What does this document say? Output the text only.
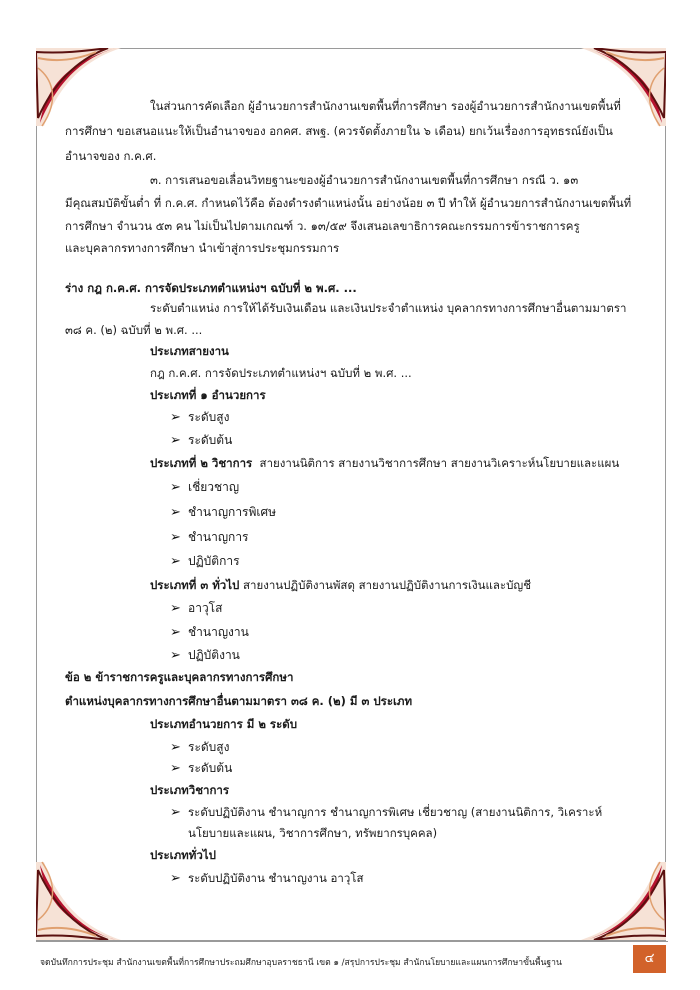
ในส่วนการคัดเลือก ผู้อำนวยการสำนักงานเขตพื้นที่การศึกษา รองผู้อำนวยการสำนักงานเขตพื้นที่
การศึกษา ขอเสนอแนะให้เป็นอำนาจของ อกคศ. สพฐ. (ควรจัดตั้งภายใน ๖ เดือน) ยกเว้นเรื่องการอุทธรณ์ยังเป็น
อำนาจของ ก.ค.ศ.
๓. การเสนอขอเลื่อนวิทยฐานะของผู้อำนวยการสำนักงานเขตพื้นที่การศึกษา กรณี ว. ๑๓
มีคุณสมบัติขั้นต่ำ ที่ ก.ค.ศ. กำหนดไว้คือ ต้องดำรงตำแหน่งนั้น อย่างน้อย ๓ ปี ทำให้ ผู้อำนวยการสำนักงานเขตพื้นที่
การศึกษา จำนวน ๕๓ คน ไม่เป็นไปตามเกณฑ์ ว. ๑๓/๕๙ จึงเสนอเลขาธิการคณะกรรมการข้าราชการครู
และบุคลากรทางการศึกษา นำเข้าสู่การประชุมกรรมการ
ร่าง กฎ ก.ค.ศ. การจัดประเภทตำแหน่งฯ ฉบับที่ ๒ พ.ศ. ...
ระดับตำแหน่ง การให้ได้รับเงินเดือน และเงินประจำตำแหน่ง บุคลากรทางการศึกษาอื่นตามมาตรา
๓๘ ค. (๒) ฉบับที่ ๒ พ.ศ. ...
ประเภทสายงาน
กฎ ก.ค.ศ. การจัดประเภทตำแหน่งฯ ฉบับที่ ๒ พ.ศ. ...
ประเภทที่ ๑ อำนวยการ
➢ ระดับสูง
➢ ระดับต้น
ประเภทที่ ๒ วิชาการ สายงานนิติการ สายงานวิชาการศึกษา สายงานวิเคราะห์นโยบายและแผน
➢ เชี่ยวชาญ
➢ ชำนาญการพิเศษ
➢ ชำนาญการ
➢ ปฏิบัติการ
ประเภทที่ ๓ ทั่วไป สายงานปฏิบัติงานพัสดุ สายงานปฏิบัติงานการเงินและบัญชี
➢ อาวุโส
➢ ชำนาญงาน
➢ ปฏิบัติงาน
ข้อ ๒ ข้าราชการครูและบุคลากรทางการศึกษา
ตำแหน่งบุคลากรทางการศึกษาอื่นตามมาตรา ๓๘ ค. (๒) มี ๓ ประเภท
ประเภทอำนวยการ มี ๒ ระดับ
➢ ระดับสูง
➢ ระดับต้น
ประเภทวิชาการ
➢ ระดับปฏิบัติงาน ชำนาญการ ชำนาญการพิเศษ เชี่ยวชาญ (สายงานนิติการ, วิเคราะห์
นโยบายและแผน, วิชาการศึกษา, ทรัพยากรบุคคล)
ประเภททั่วไป
➢ ระดับปฏิบัติงาน ชำนาญงาน อาวุโส
จดบันทึกการประชุม สำนักงานเขตพื้นที่การศึกษาประถมศึกษาอุบลราชธานี เขต ๑ /สรุปการประชุม สำนักนโยบายและแผนการศึกษาขั้นพื้นฐาน	๔
